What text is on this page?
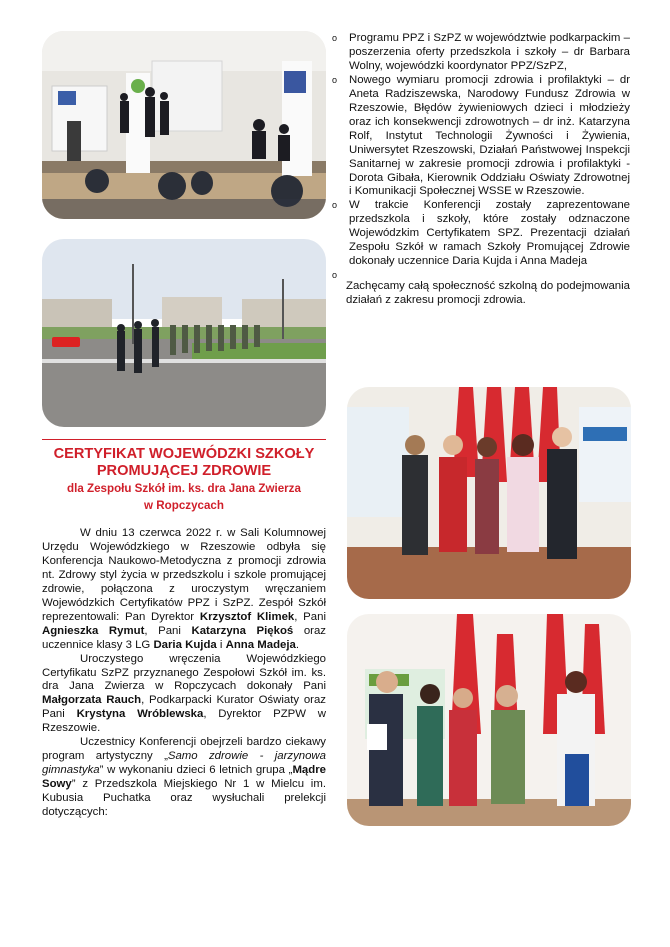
o Programu PPZ i SzPZ w województwie podkarpackim – poszerzenia oferty przedszkola i szkoły – dr Barbara Wolny, wojewódzki koordynator PPZ/SzPZ,
o Nowego wymiaru promocji zdrowia i profilaktyki – dr Aneta Radziszewska, Narodowy Fundusz Zdrowia w Rzeszowie, Błędów żywieniowych dzieci i młodzieży oraz ich konsekwencji zdrowotnych – dr inż. Katarzyna Rolf, Instytut Technologii Żywności i Żywienia, Uniwersytet Rzeszowski, Działań Państwowej Inspekcji Sanitarnej w zakresie promocji zdrowia i profilaktyki - Dorota Gibała, Kierownik Oddziału Oświaty Zdrowotnej i Komunikacji Społecznej WSSE w Rzeszowie.
o W trakcie Konferencji zostały zaprezentowane przedszkola i szkoły, które zostały odznaczone Wojewódzkim Certyfikatem SPZ. Prezentacji działań Zespołu Szkół w ramach Szkoły Promującej Zdrowie dokonały uczennice Daria Kujda i Anna Madeja
o
Zachęcamy całą społeczność szkolną do podejmowania działań z zakresu promocji zdrowia.
CERTYFIKAT WOJEWÓDZKI SZKOŁY
PROMUJĄCEJ ZDROWIE
dla Zespołu Szkół im. ks. dra Jana Zwierza
w Ropczycach

W dniu 13 czerwca 2022 r. w Sali Kolumnowej Urzędu Wojewódzkiego w Rzeszowie odbyła się Konferencja Naukowo-Metodyczna z promocji zdrowia nt. Zdrowy styl życia w przedszkolu i szkole promującej zdrowie, połączona z uroczystym wręczaniem Wojewódzkich Certyfikatów PPZ i SzPZ. Zespół Szkół reprezentowali: Pan Dyrektor Krzysztof Klimek, Pani Agnieszka Rymut, Pani Katarzyna Piękoś oraz uczennice klasy 3 LG Daria Kujda i Anna Madeja.

Uroczystego wręczenia Wojewódzkiego Certyfikatu SzPZ przyznanego Zespołowi Szkół im. ks. dra Jana Zwierza w Ropczycach dokonały Pani Małgorzata Rauch, Podkarpacki Kurator Oświaty oraz Pani Krystyna Wróblewska, Dyrektor PZPW w Rzeszowie.

Uczestnicy Konferencji obejrzeli bardzo ciekawy program artystyczny „Samo zdrowie - jarzynowa gimnastyka” w wykonaniu dzieci 6 letnich grupa „Mądre Sowy” z Przedszkola Miejskiego Nr 1 w Mielcu im. Kubusia Puchatka oraz wysłuchali prelekcji dotyczących:
